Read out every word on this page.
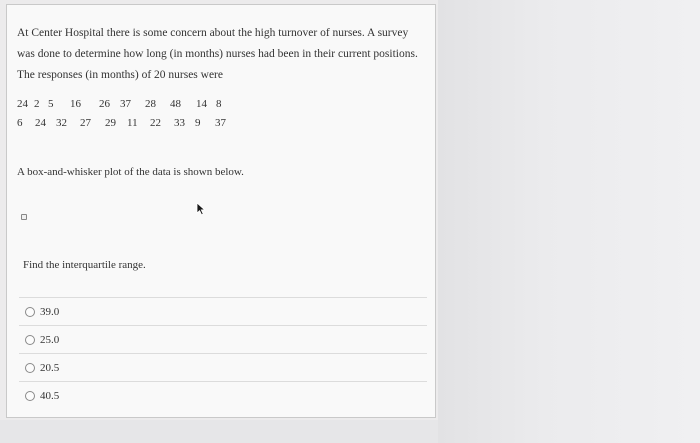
At Center Hospital there is some concern about the high turnover of nurses. A survey was done to determine how long (in months) nurses had been in their current positions. The responses (in months) of 20 nurses were
24 2 5	16	26 37	28	48	14 8
6	24 32	27	29	11	22	33 9	37
A box-and-whisker plot of the data is shown below.
Find the interquartile range.
39.0
25.0
20.5
40.5
